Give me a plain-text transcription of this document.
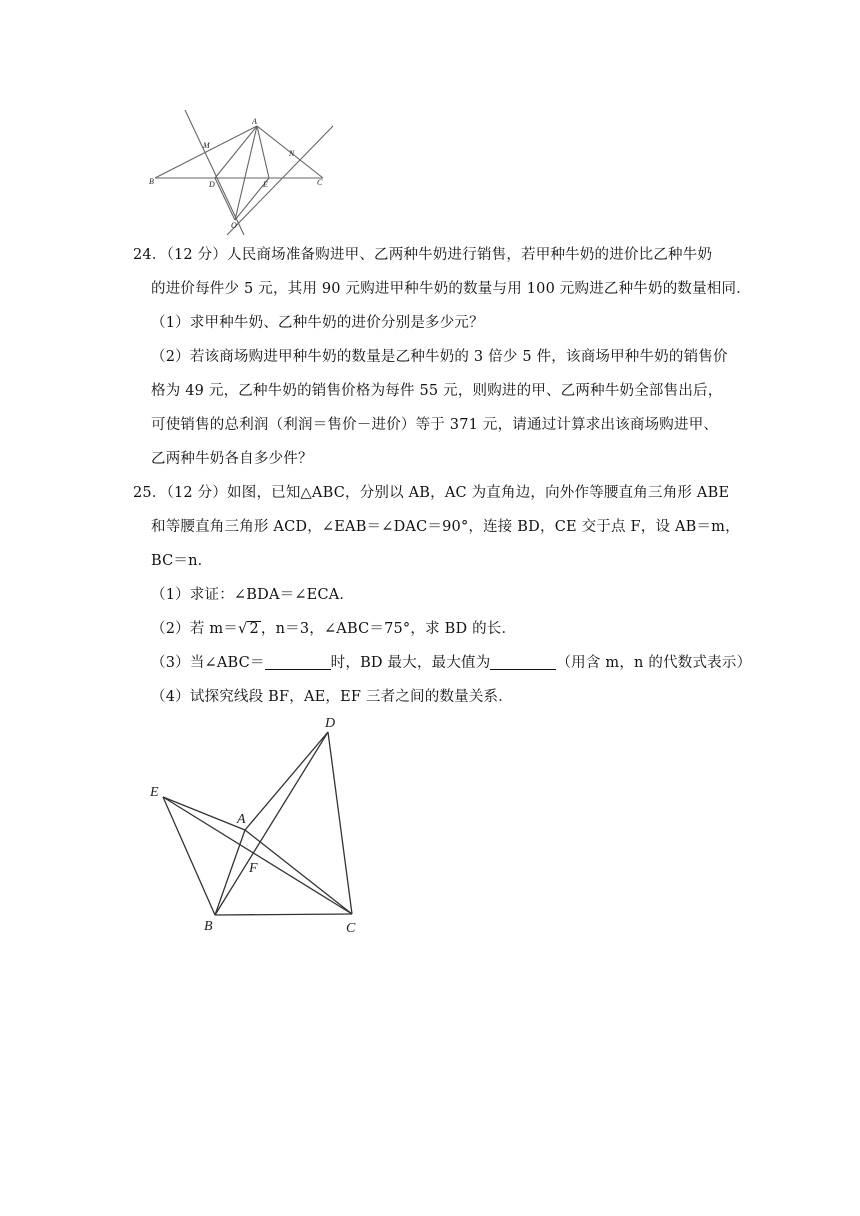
A
B	C
D	E
M
N
O
24．（12 分）人民商场准备购进甲、乙两种牛奶进行销售，若甲种牛奶的进价比乙种牛奶
的进价每件少 5 元，其用 90 元购进甲种牛奶的数量与用 100 元购进乙种牛奶的数量相同．
（1）求甲种牛奶、乙种牛奶的进价分别是多少元？
（2）若该商场购进甲种牛奶的数量是乙种牛奶的 3 倍少 5 件，该商场甲种牛奶的销售价
格为 49 元，乙种牛奶的销售价格为每件 55 元，则购进的甲、乙两种牛奶全部售出后，
可使销售的总利润（利润＝售价－进价）等于 371 元，请通过计算求出该商场购进甲、
乙两种牛奶各自多少件？
25．（12 分）如图，已知△ABC，分别以 AB，AC 为直角边，向外作等腰直角三角形 ABE
和等腰直角三角形 ACD，∠EAB＝∠DAC＝90°，连接 BD，CE 交于点 F，设 AB＝m，
BC＝n．
（1）求证：∠BDA＝∠ECA．
（2）若 m＝√ 2 ，n＝3，∠ABC＝75°，求 BD 的长．
（3）当∠ABC＝	时，BD 最大，最大值为	（用含 m，n 的代数式表示）
（4）试探究线段 BF，AE，EF 三者之间的数量关系．
D
E
A
F
B	C
